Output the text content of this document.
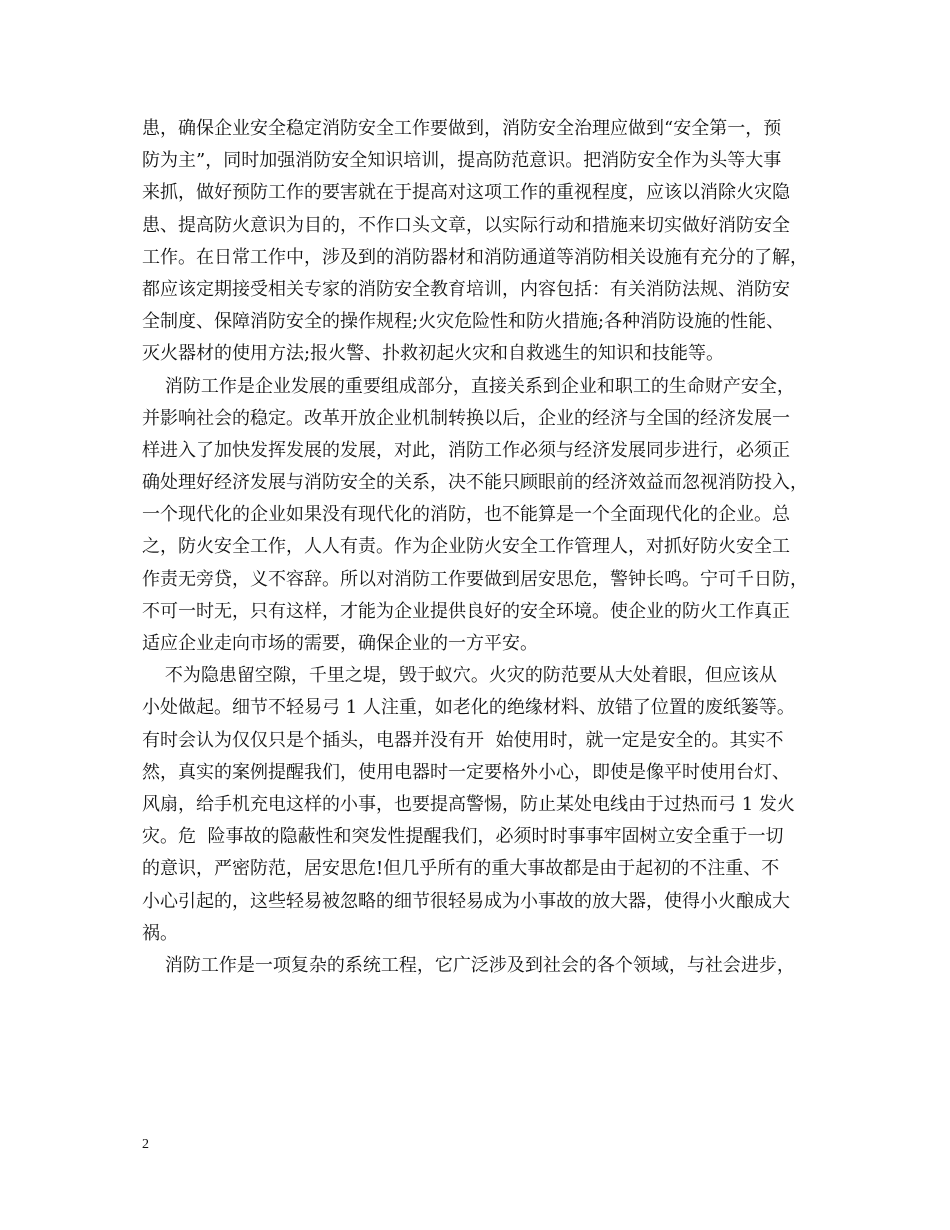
患，确保企业安全稳定消防安全工作要做到，消防安全治理应做到“安全第一，预
防为主”，同时加强消防安全知识培训，提高防范意识。把消防安全作为头等大事
来抓，做好预防工作的要害就在于提高对这项工作的重视程度，应该以消除火灾隐
患、提高防火意识为目的，不作口头文章，以实际行动和措施来切实做好消防安全
工作。在日常工作中，涉及到的消防器材和消防通道等消防相关设施有充分的了解，
都应该定期接受相关专家的消防安全教育培训，内容包括：有关消防法规、消防安
全制度、保障消防安全的操作规程;火灾危险性和防火措施;各种消防设施的性能、
灭火器材的使用方法;报火警、扑救初起火灾和自救逃生的知识和技能等。
消防工作是企业发展的重要组成部分，直接关系到企业和职工的生命财产安全，
并影响社会的稳定。改革开放企业机制转换以后，企业的经济与全国的经济发展一
样进入了加快发挥发展的发展，对此，消防工作必须与经济发展同步进行，必须正
确处理好经济发展与消防安全的关系，决不能只顾眼前的经济效益而忽视消防投入，
一个现代化的企业如果没有现代化的消防，也不能算是一个全面现代化的企业。总
之，防火安全工作，人人有责。作为企业防火安全工作管理人，对抓好防火安全工
作责无旁贷，义不容辞。所以对消防工作要做到居安思危，警钟长鸣。宁可千日防，
不可一时无，只有这样，才能为企业提供良好的安全环境。使企业的防火工作真正
适应企业走向市场的需要，确保企业的一方平安。
不为隐患留空隙，千里之堤，毁于蚁穴。火灾的防范要从大处着眼，但应该从
小处做起。细节不轻易弓 1 人注重，如老化的绝缘材料、放错了位置的废纸篓等。
有时会认为仅仅只是个插头，电器并没有开  始使用时，就一定是安全的。其实不
然，真实的案例提醒我们，使用电器时一定要格外小心，即使是像平时使用台灯、
风扇，给手机充电这样的小事，也要提高警惕，防止某处电线由于过热而弓 1 发火
灾。危  险事故的隐蔽性和突发性提醒我们，必须时时事事牢固树立安全重于一切
的意识，严密防范，居安思危!但几乎所有的重大事故都是由于起初的不注重、不
小心引起的，这些轻易被忽略的细节很轻易成为小事故的放大器，使得小火酿成大
祸。
消防工作是一项复杂的系统工程，它广泛涉及到社会的各个领域，与社会进步，
2
